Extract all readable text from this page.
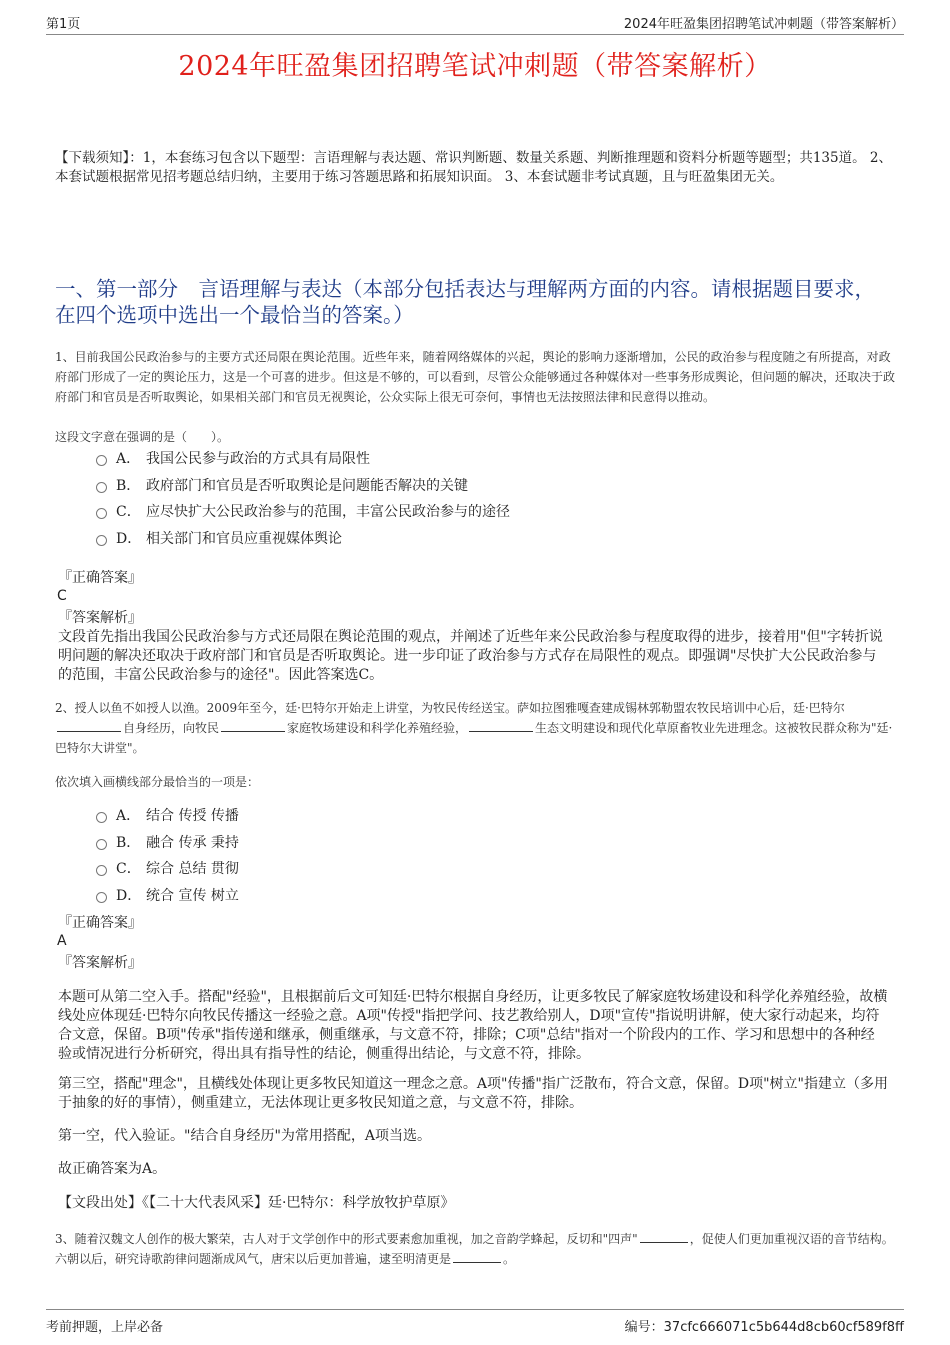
第1页	2024年旺盈集团招聘笔试冲刺题（带答案解析）
2024年旺盈集团招聘笔试冲刺题（带答案解析）
【下载须知】：1，本套练习包含以下题型：言语理解与表达题、常识判断题、数量关系题、判断推理题和资料分析题等题型；共135道。 2、本套试题根据常见招考题总结归纳，主要用于练习答题思路和拓展知识面。 3、本套试题非考试真题，且与旺盈集团无关。
一、第一部分　言语理解与表达（本部分包括表达与理解两方面的内容。请根据题目要求，在四个选项中选出一个最恰当的答案。）
1、目前我国公民政治参与的主要方式还局限在舆论范围。近些年来，随着网络媒体的兴起，舆论的影响力逐渐增加，公民的政治参与程度随之有所提高，对政府部门形成了一定的舆论压力，这是一个可喜的进步。但这是不够的，可以看到，尽管公众能够通过各种媒体对一些事务形成舆论，但问题的解决，还取决于政府部门和官员是否听取舆论，如果相关部门和官员无视舆论，公众实际上很无可奈何，事情也无法按照法律和民意得以推动。
这段文字意在强调的是（　　）。
A． 我国公民参与政治的方式具有局限性
B． 政府部门和官员是否听取舆论是问题能否解决的关键
C． 应尽快扩大公民政治参与的范围，丰富公民政治参与的途径
D． 相关部门和官员应重视媒体舆论
『正确答案』
C
『答案解析』
文段首先指出我国公民政治参与方式还局限在舆论范围的观点，并阐述了近些年来公民政治参与程度取得的进步，接着用"但"字转折说明问题的解决还取决于政府部门和官员是否听取舆论。进一步印证了政治参与方式存在局限性的观点。即强调"尽快扩大公民政治参与的范围，丰富公民政治参与的途径"。因此答案选C。
2、授人以鱼不如授人以渔。2009年至今，廷·巴特尔开始走上讲堂，为牧民传经送宝。萨如拉图雅嘎查建成锡林郭勒盟农牧民培训中心后，廷·巴特尔自身经历，向牧民	家庭牧场建设和科学化养殖经验，	生态文明建设和现代化草原畜牧业先进理念。这被牧民群众称为"廷·巴特尔大讲堂"。
依次填入画横线部分最恰当的一项是：
A． 结合 传授 传播
B． 融合 传承 秉持
C． 综合 总结 贯彻
D． 统合 宣传 树立
『正确答案』
A
『答案解析』
本题可从第二空入手。搭配"经验"，且根据前后文可知廷·巴特尔根据自身经历，让更多牧民了解家庭牧场建设和科学化养殖经验，故横线处应体现廷·巴特尔向牧民传播这一经验之意。A项"传授"指把学问、技艺教给别人，D项"宣传"指说明讲解，使大家行动起来，均符合文意，保留。B项"传承"指传递和继承，侧重继承，与文意不符，排除；C项"总结"指对一个阶段内的工作、学习和思想中的各种经验或情况进行分析研究，得出具有指导性的结论，侧重得出结论，与文意不符，排除。
第三空，搭配"理念"，且横线处体现让更多牧民知道这一理念之意。A项"传播"指广泛散布，符合文意，保留。D项"树立"指建立（多用于抽象的好的事情），侧重建立，无法体现让更多牧民知道之意，与文意不符，排除。
第一空，代入验证。"结合自身经历"为常用搭配，A项当选。
故正确答案为A。
【文段出处】《【二十大代表风采】廷·巴特尔：科学放牧护草原》
3、随着汉魏文人创作的极大繁荣，古人对于文学创作中的形式要素愈加重视，加之音韵学蜂起，反切和"四声"	，促使人们更加重视汉语的音节结构。六朝以后，研究诗歌韵律问题渐成风气，唐宋以后更加普遍，逮至明清更是	。
考前押题，上岸必备	编号：37cfc666071c5b644d8cb60cf589f8ff
